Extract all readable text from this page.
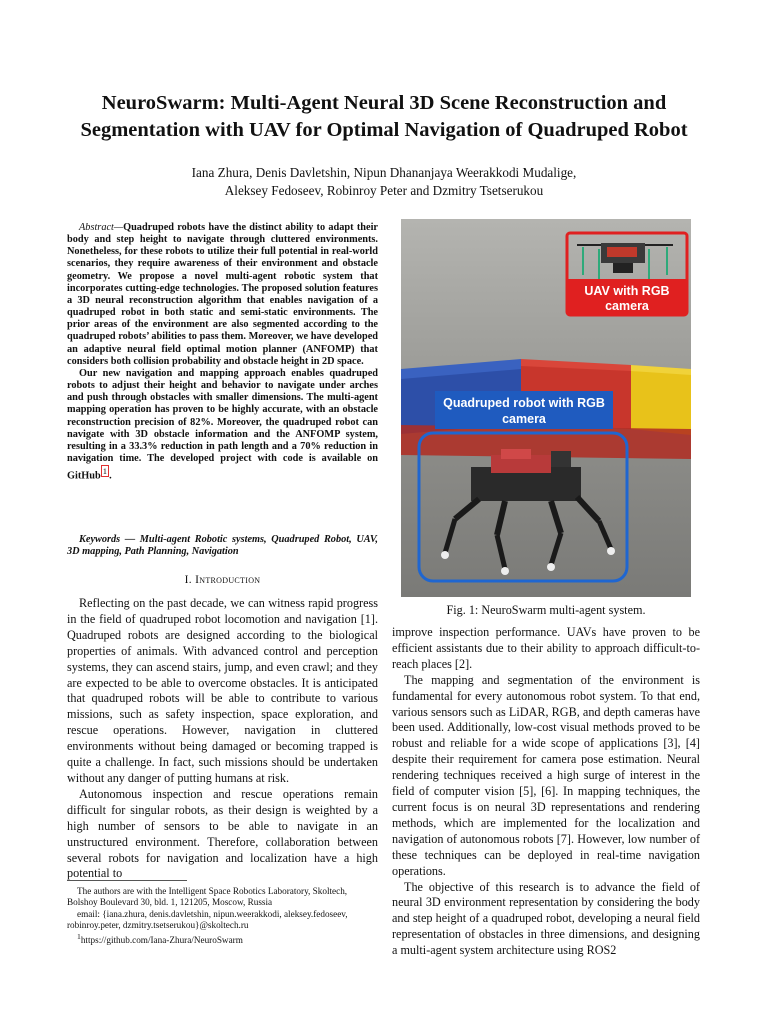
NeuroSwarm: Multi-Agent Neural 3D Scene Reconstruction and
Segmentation with UAV for Optimal Navigation of Quadruped Robot
Iana Zhura, Denis Davletshin, Nipun Dhananjaya Weerakkodi Mudalige,
Aleksey Fedoseev, Robinroy Peter and Dzmitry Tsetserukou

Abstract—Quadruped robots have the distinct ability to adapt their body and step height to navigate through cluttered environments. Nonetheless, for these robots to utilize their full potential in real-world scenarios, they require awareness of their environment and obstacle geometry. We propose a novel multi-agent robotic system that incorporates cutting-edge technologies. The proposed solution features a 3D neural reconstruction algorithm that enables navigation of a quadruped robot in both static and semi-static environments. The prior areas of the environment are also segmented according to the quadruped robots’ abilities to pass them. Moreover, we have developed an adaptive neural field optimal motion planner (ANFOMP) that considers both collision probability and obstacle height in 2D space.

Our new navigation and mapping approach enables quadruped robots to adjust their height and behavior to navigate under arches and push through obstacles with smaller dimensions. The multi-agent mapping operation has proven to be highly accurate, with an obstacle reconstruction precision of 82%. Moreover, the quadruped robot can navigate with 3D obstacle information and the ANFOMP system, resulting in a 33.3% reduction in path length and a 70% reduction in navigation time. The developed project with code is available on GitHub $^1$ .

Keywords — Multi-agent Robotic systems, Quadruped Robot, UAV, 3D mapping, Path Planning, Navigation
I. Introduction

Reflecting on the past decade, we can witness rapid progress in the field of quadruped robot locomotion and navigation [1]. Quadruped robots are designed according to the biological properties of animals. With advanced control and perception systems, they can ascend stairs, jump, and even crawl; and they are expected to be able to overcome obstacles. It is anticipated that quadruped robots will be able to contribute to various missions, such as safety inspection, space exploration, and rescue operations. However, navigation in cluttered environments without being damaged or becoming trapped is quite a challenge. In fact, such missions should be undertaken without any danger of putting humans at risk.

Autonomous inspection and rescue operations remain difficult for singular robots, as their design is weighted by a high number of sensors to be able to navigate in an unstructured environment. Therefore, collaboration between several robots for navigation and localization have a high potential to

The authors are with the Intelligent Space Robotics Laboratory, Skoltech, Bolshoy Boulevard 30, bld. 1, 121205, Moscow, Russia

email: {iana.zhura, denis.davletshin, nipun.weerakkodi, aleksey.fedoseev, robinroy.peter, dzmitry.tsetserukou}@skoltech.ru

$^1$https://github.com/Iana-Zhura/NeuroSwarm

UAV with RGB
camera
Quadruped robot with RGB
camera
Fig. 1: NeuroSwarm multi-agent system.

improve inspection performance. UAVs have proven to be efficient assistants due to their ability to approach difficult-to-reach places [2].

The mapping and segmentation of the environment is fundamental for every autonomous robot system. To that end, various sensors such as LiDAR, RGB, and depth cameras have been used. Additionally, low-cost visual methods proved to be robust and reliable for a wide scope of applications [3], [4] despite their requirement for camera pose estimation. Neural rendering techniques received a high surge of interest in the field of computer vision [5], [6]. In mapping techniques, the current focus is on neural 3D representations and rendering methods, which are implemented for the localization and navigation of autonomous robots [7]. However, low number of these techniques can be deployed in real-time navigation operations.

The objective of this research is to advance the field of neural 3D environment representation by considering the body and step height of a quadruped robot, developing a neural field representation of obstacles in three dimensions, and designing a multi-agent system architecture using ROS2
